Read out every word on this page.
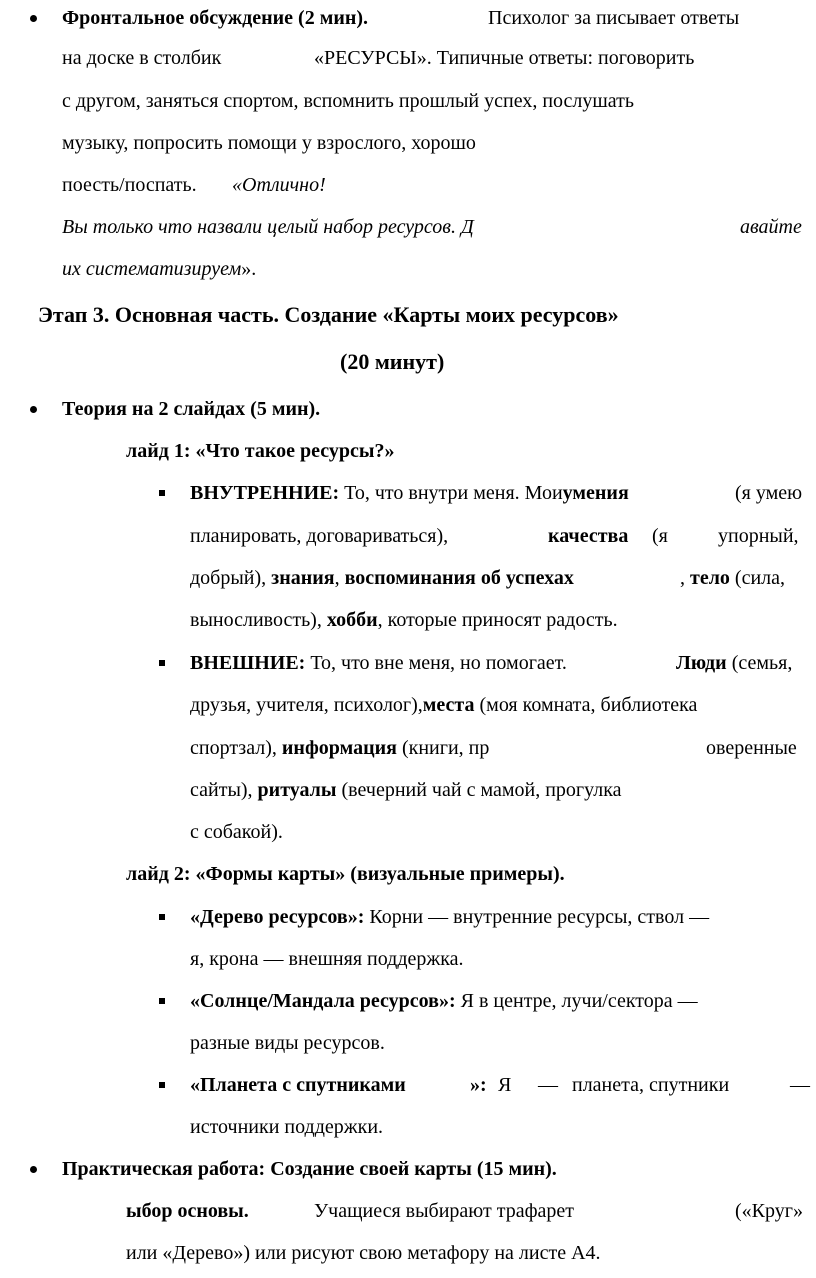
Фронтальное обсуждение (2 мин).	Психолог за писывает ответы
на доске в столбик	«РЕСУРСЫ». Типичные ответы: поговорить
с другом, заняться спортом, вспомнить прошлый успех, послушать
музыку, попросить помощи у взрослого, хорошо
поесть/поспать. «Отлично!
Вы только что назвали целый набор ресурсов. Д	авайте
их систематизируем».
Этап 3. Основная часть. Создание «Карты моих ресурсов»
(20 минут)
Теория на 2 слайдах (5 мин).
лайд 1: «Что такое ресурсы?»
ВНУТРЕННИЕ: То, что внутри меня. Моиумения	(я умею
планировать, договариваться),	качества (я	упорный,
добрый), знания, воспоминания об успехах	, тело (сила,
выносливость), хобби, которые приносят радость.
ВНЕШНИЕ: То, что вне меня, но помогает.	Люди (семья,
друзья, учителя, психолог),места (моя комната, библиотека
спортзал), информация (книги, пр	оверенные
сайты), ритуалы (вечерний чай с мамой, прогулка
с собакой).
лайд 2: «Формы карты» (визуальные примеры).
«Дерево ресурсов»: Корни — внутренние ресурсы, ствол —
я, крона — внешняя поддержка.
«Солнце/Мандала ресурсов»: Я в центре, лучи/сектора —
разные виды ресурсов.
«Планета с спутниками	»: Я — планета, спутники	—
источники поддержки.
Практическая работа: Создание своей карты (15 мин).
ыбор основы.	Учащиеся выбирают трафарет	(«Круг»
или «Дерево») или рисуют свою метафору на листе А4.
